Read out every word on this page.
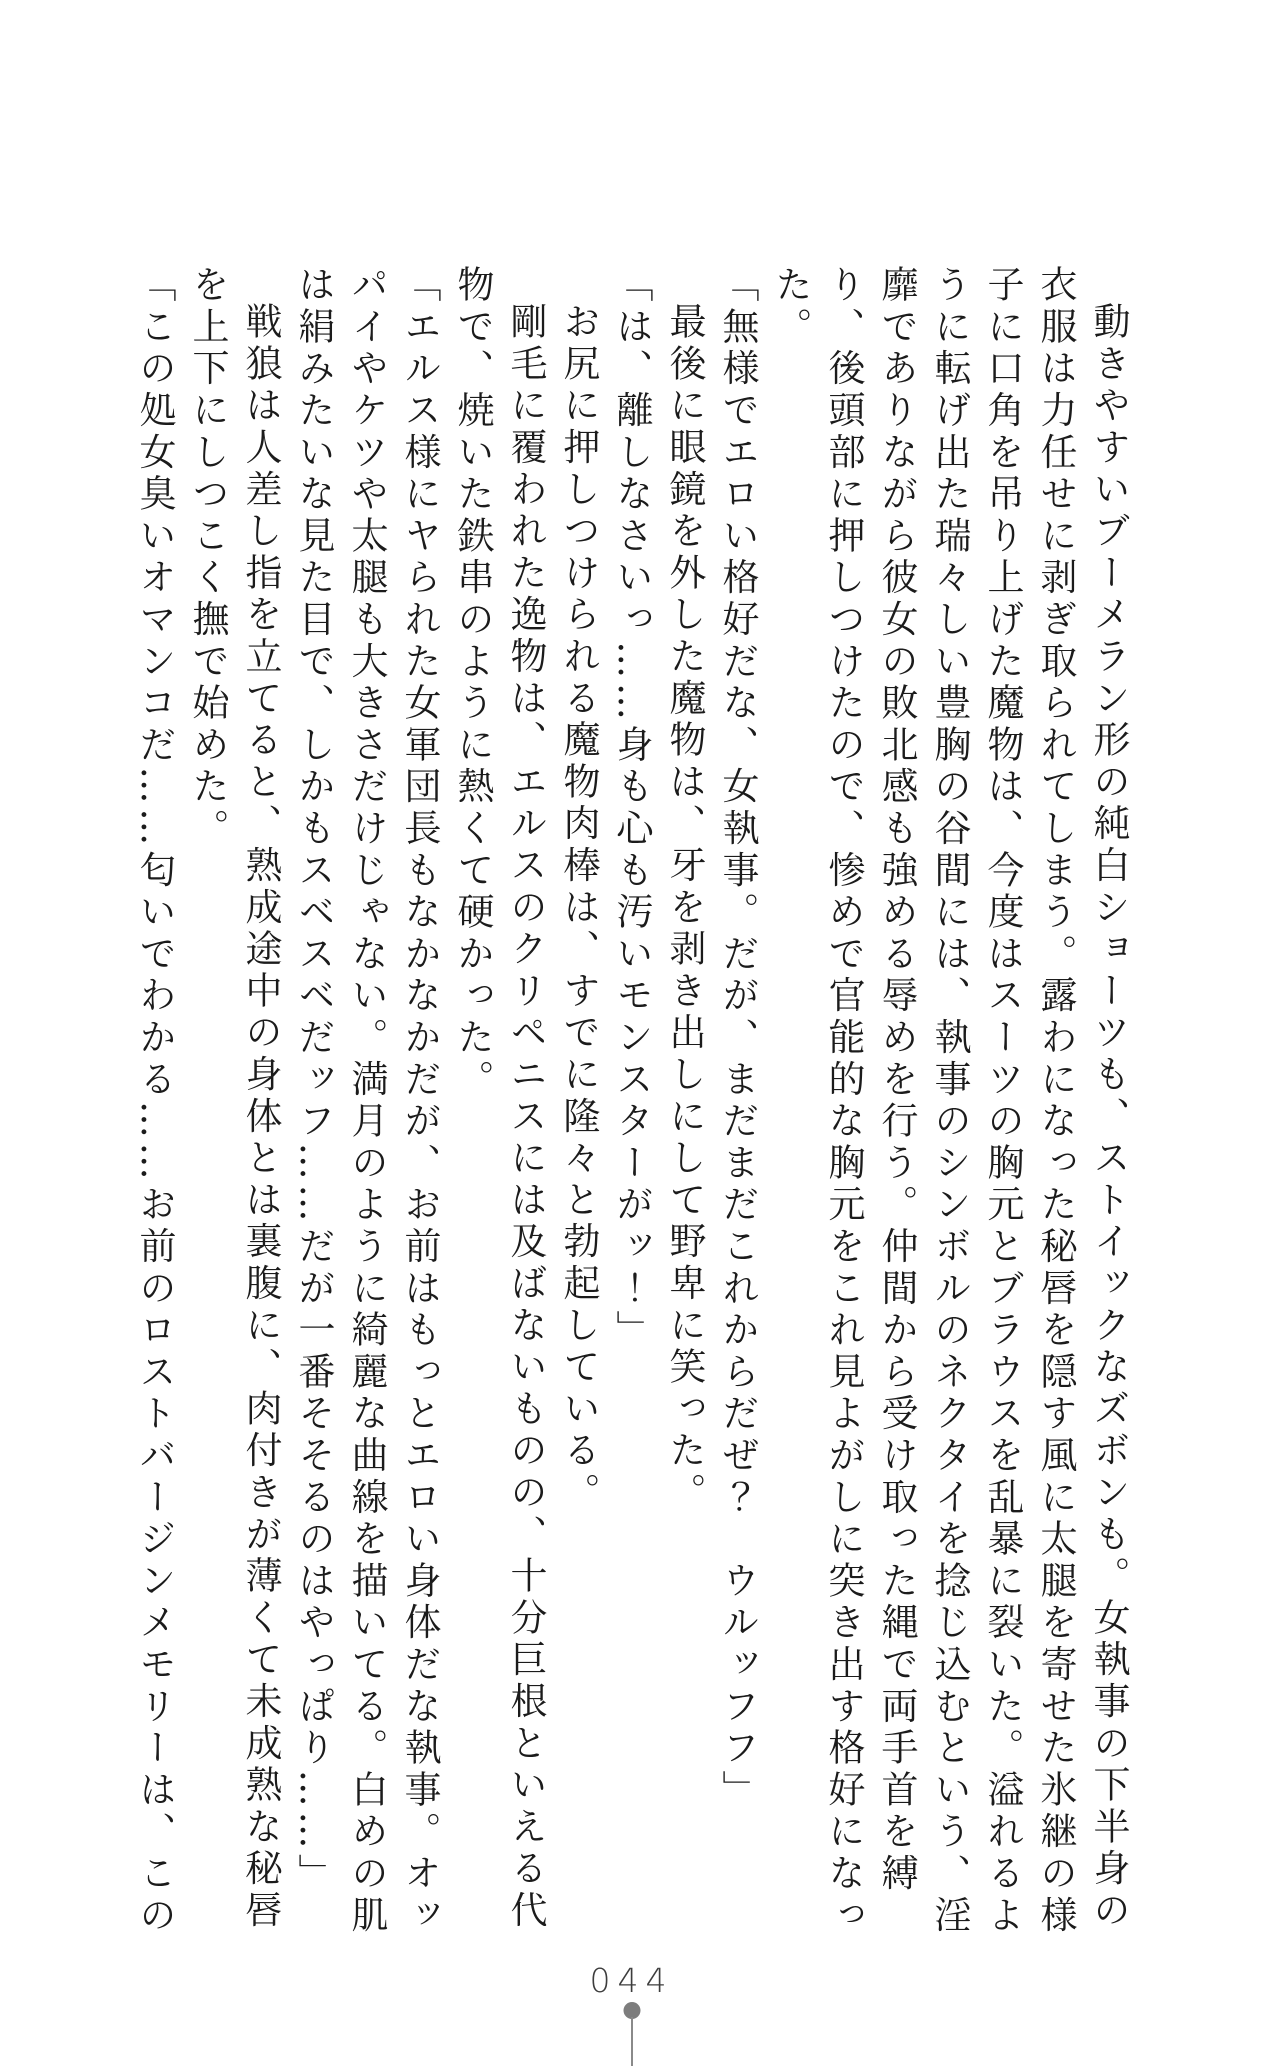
動きやすいブーメラン形の純白ショーツも、ストイックなズボンも。女執事の下半身の衣服は力任せに剥ぎ取られてしまう。露わになった秘唇を隠す風に太腿を寄せた氷継の様子に口角を吊り上げた魔物は、今度はスーツの胸元とブラウスを乱暴に裂いた。溢れるように転げ出た瑞々しい豊胸の谷間には、執事のシンボルのネクタイを捻じ込むという、淫靡でありながら彼女の敗北感も強める辱めを行う。仲間から受け取った縄で両手首を縛り、後頭部に押しつけたので、惨めで官能的な胸元をこれ見よがしに突き出す格好になった。

「無様でエロい格好だな、女執事。だが、まだまだこれからだぜ？　ウルッフフ」

最後に眼鏡を外した魔物は、牙を剥き出しにして野卑に笑った。

「は、離しなさいっ……身も心も汚いモンスターがッ！」

お尻に押しつけられる魔物肉棒は、すでに隆々と勃起している。

剛毛に覆われた逸物は、エルスのクリペニスには及ばないものの、十分巨根といえる代物で、焼いた鉄串のように熱くて硬かった。

「エルス様にヤられた女軍団長もなかなかだが、お前はもっとエロい身体だな執事。オッパイやケツや太腿も大きさだけじゃない。満月のように綺麗な曲線を描いてる。白めの肌は絹みたいな見た目で、しかもスベスベだッフ……だが一番そそるのはやっぱり……」

戦狼は人差し指を立てると、熟成途中の身体とは裏腹に、肉付きが薄くて未成熟な秘唇を上下にしつこく撫で始めた。

「この処女臭いオマンコだ……匂いでわかる……お前のロストバージンメモリーは、この

044
